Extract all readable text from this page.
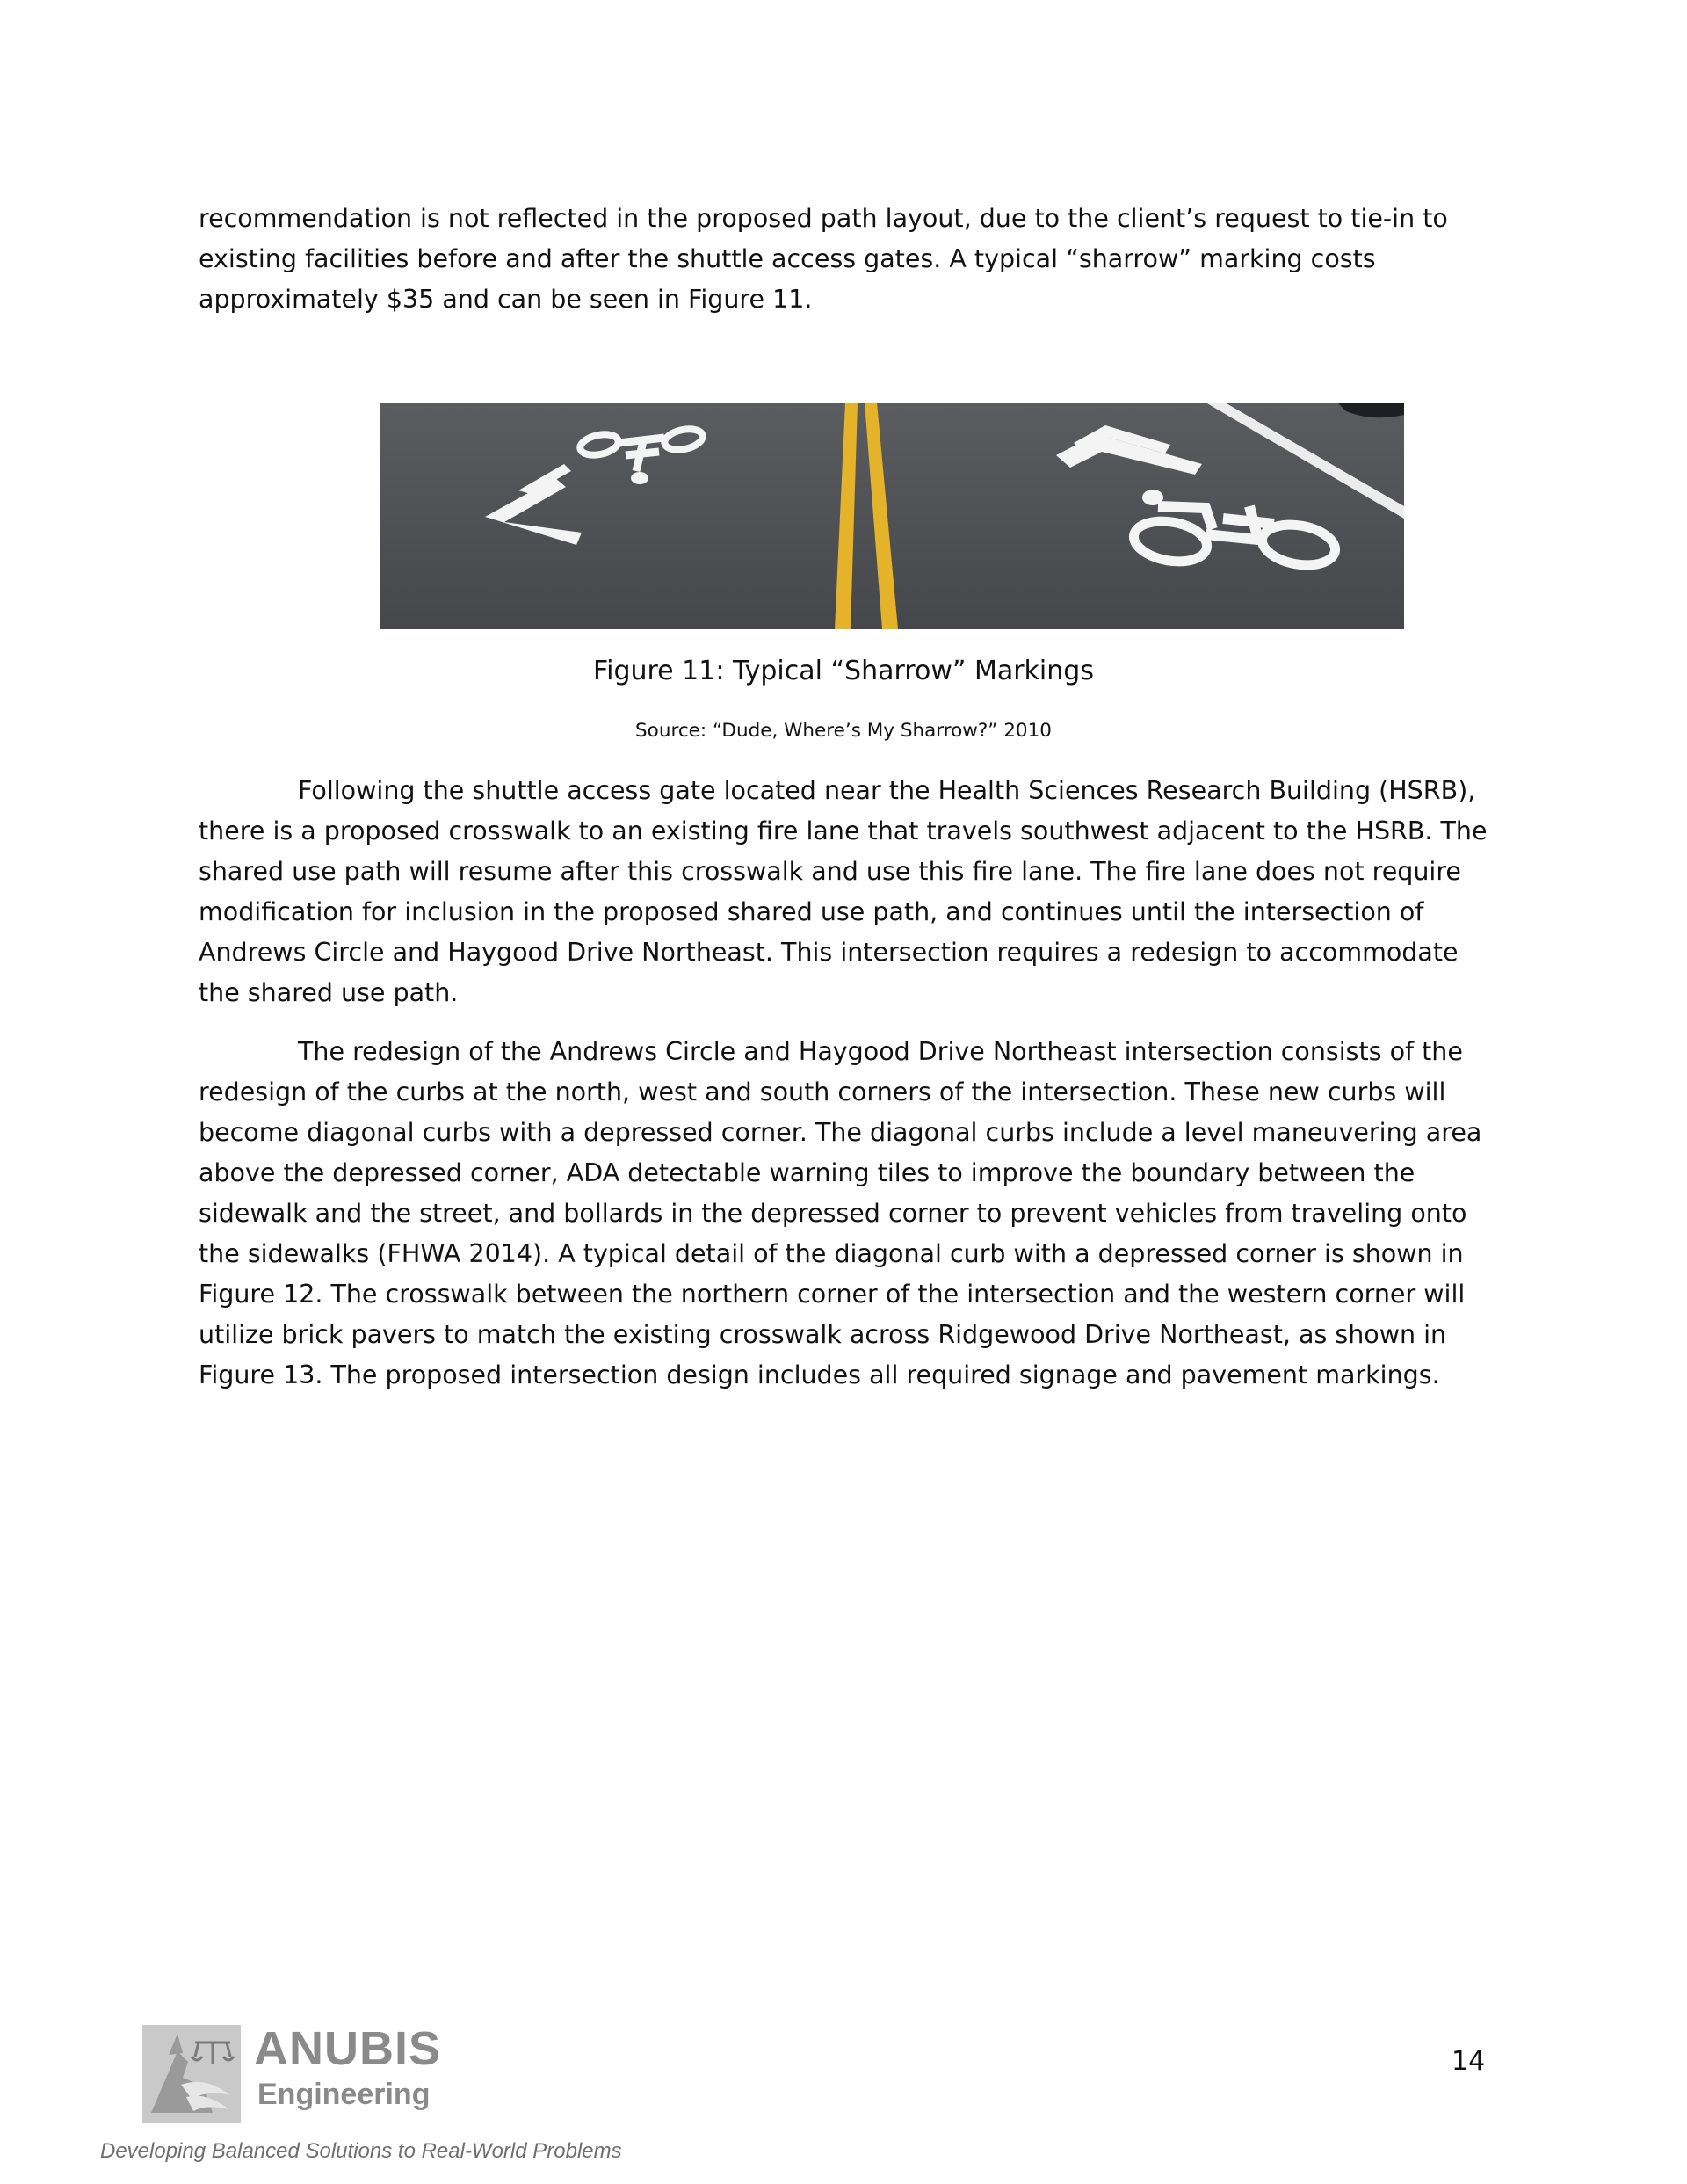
recommendation is not reflected in the proposed path layout, due to the client’s request to tie-in to existing facilities before and after the shuttle access gates. A typical “sharrow” marking costs approximately $35 and can be seen in Figure 11.

Figure 11: Typical “Sharrow” Markings
Source: “Dude, Where’s My Sharrow?” 2010

Following the shuttle access gate located near the Health Sciences Research Building (HSRB), there is a proposed crosswalk to an existing fire lane that travels southwest adjacent to the HSRB. The shared use path will resume after this crosswalk and use this fire lane. The fire lane does not require modification for inclusion in the proposed shared use path, and continues until the intersection of Andrews Circle and Haygood Drive Northeast. This intersection requires a redesign to accommodate the shared use path.

The redesign of the Andrews Circle and Haygood Drive Northeast intersection consists of the redesign of the curbs at the north, west and south corners of the intersection. These new curbs will become diagonal curbs with a depressed corner. The diagonal curbs include a level maneuvering area above the depressed corner, ADA detectable warning tiles to improve the boundary between the sidewalk and the street, and bollards in the depressed corner to prevent vehicles from traveling onto the sidewalks (FHWA 2014). A typical detail of the diagonal curb with a depressed corner is shown in Figure 12. The crosswalk between the northern corner of the intersection and the western corner will utilize brick pavers to match the existing crosswalk across Ridgewood Drive Northeast, as shown in Figure 13. The proposed intersection design includes all required signage and pavement markings.

ANUBIS
Engineering
Developing Balanced Solutions to Real-World Problems
14
